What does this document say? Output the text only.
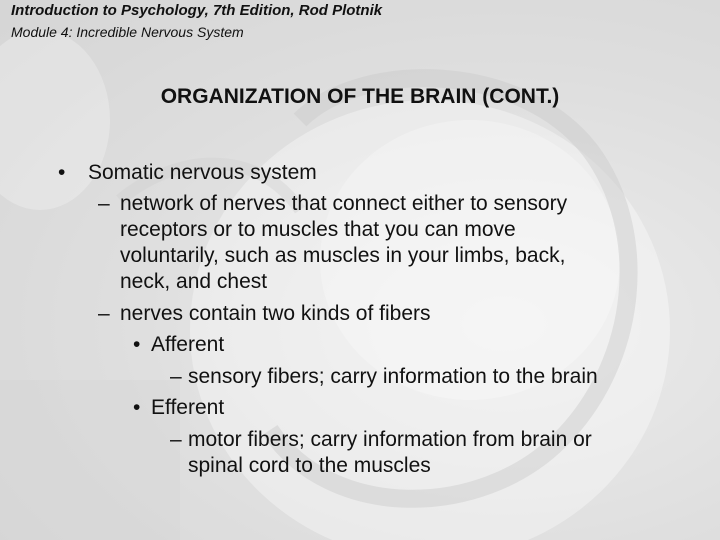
Introduction to Psychology, 7th Edition, Rod Plotnik
Module 4: Incredible Nervous System
ORGANIZATION OF THE BRAIN (CONT.)
• Somatic nervous system
– network of nerves that connect either to sensory
receptors or to muscles that you can move
voluntarily, such as muscles in your limbs, back,
neck, and chest
– nerves contain two kinds of fibers
• Afferent
– sensory fibers; carry information to the brain
• Efferent
– motor fibers; carry information from brain or
spinal cord to the muscles
